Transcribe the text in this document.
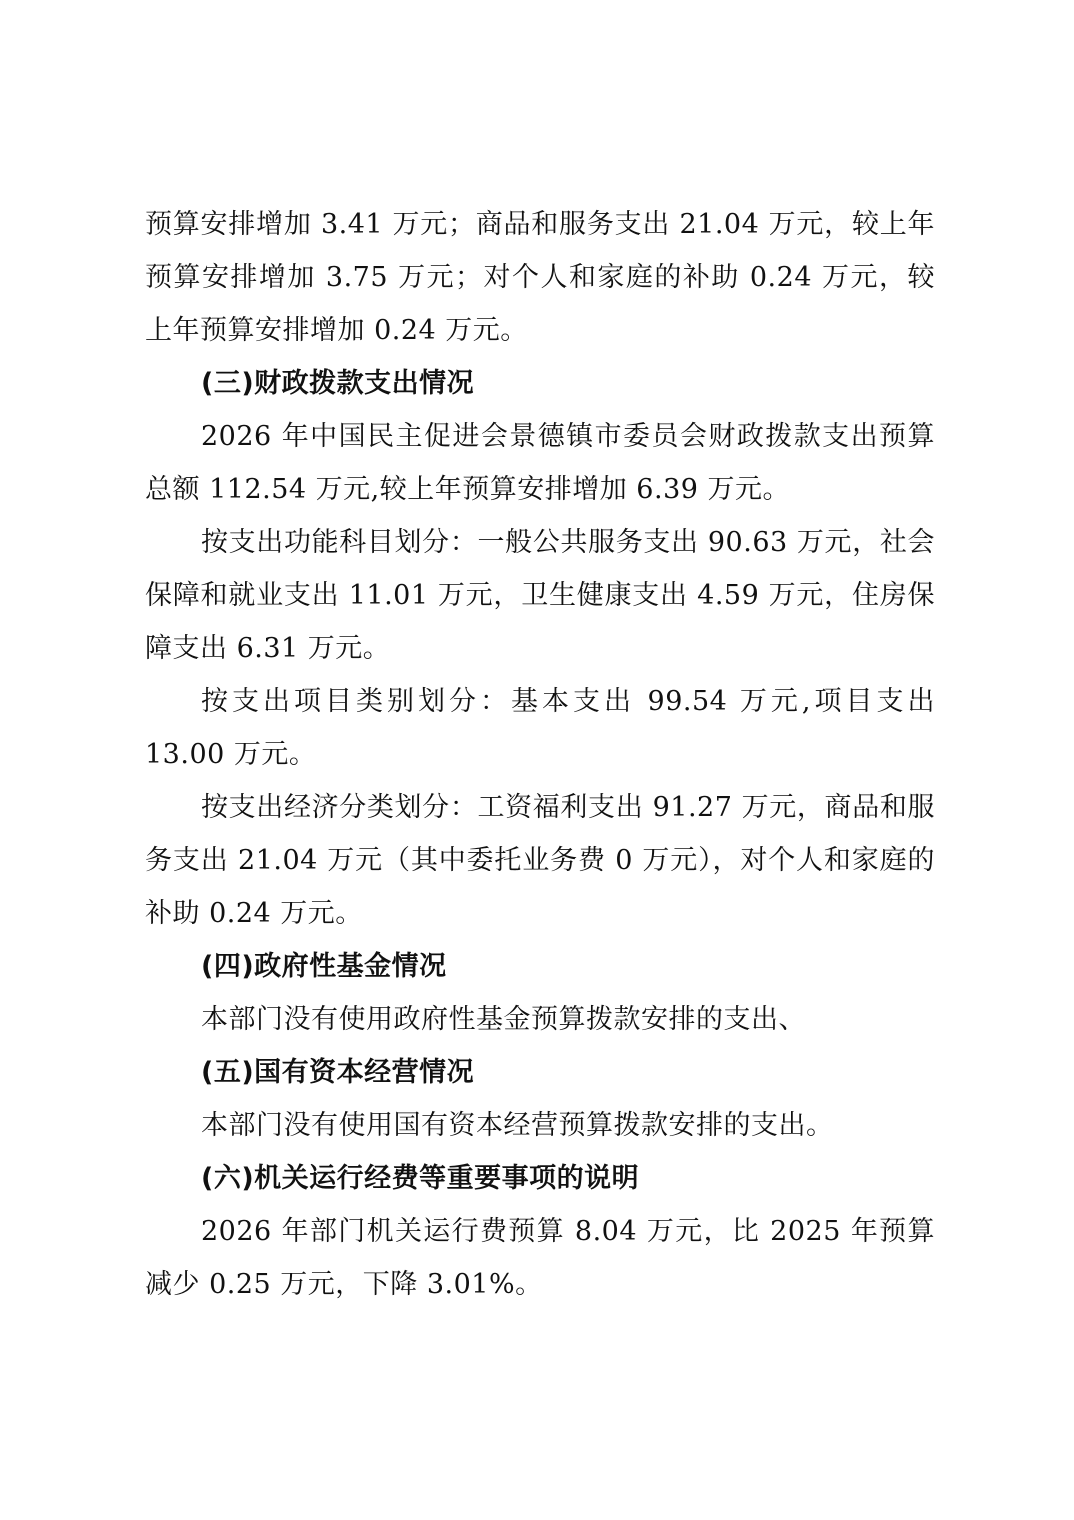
预算安排增加 3.41 万元；商品和服务支出 21.04 万元，较上年预算安排增加 3.75 万元；对个人和家庭的补助 0.24 万元，较上年预算安排增加 0.24 万元。

(三)财政拨款支出情况

2026 年中国民主促进会景德镇市委员会财政拨款支出预算总额 112.54 万元,较上年预算安排增加 6.39 万元。

按支出功能科目划分：一般公共服务支出 90.63 万元，社会保障和就业支出 11.01 万元，卫生健康支出 4.59 万元，住房保障支出 6.31 万元。

按支出项目类别划分：基本支出 99.54 万元,项目支出 13.00 万元。

按支出经济分类划分：工资福利支出 91.27 万元，商品和服务支出 21.04 万元（其中委托业务费 0 万元），对个人和家庭的补助 0.24 万元。

(四)政府性基金情况

本部门没有使用政府性基金预算拨款安排的支出、

(五)国有资本经营情况

本部门没有使用国有资本经营预算拨款安排的支出。

(六)机关运行经费等重要事项的说明

2026 年部门机关运行费预算 8.04 万元，比 2025 年预算减少 0.25 万元，下降 3.01%。
